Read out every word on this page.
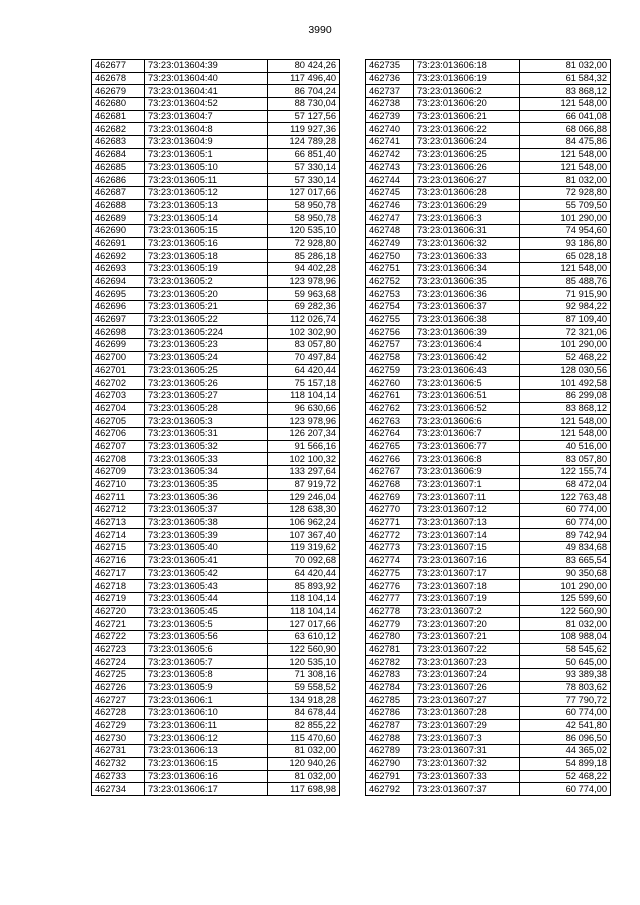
3990
462677	73:23:013604:39	80 424,26
462678	73:23:013604:40	117 496,40
462679	73:23:013604:41	86 704,24
462680	73:23:013604:52	88 730,04
462681	73:23:013604:7	57 127,56
462682	73:23:013604:8	119 927,36
462683	73:23:013604:9	124 789,28
462684	73:23:013605:1	66 851,40
462685	73:23:013605:10	57 330,14
462686	73:23:013605:11	57 330,14
462687	73:23:013605:12	127 017,66
462688	73:23:013605:13	58 950,78
462689	73:23:013605:14	58 950,78
462690	73:23:013605:15	120 535,10
462691	73:23:013605:16	72 928,80
462692	73:23:013605:18	85 286,18
462693	73:23:013605:19	94 402,28
462694	73:23:013605:2	123 978,96
462695	73:23:013605:20	59 963,68
462696	73:23:013605:21	69 282,36
462697	73:23:013605:22	112 026,74
462698	73:23:013605:224	102 302,90
462699	73:23:013605:23	83 057,80
462700	73:23:013605:24	70 497,84
462701	73:23:013605:25	64 420,44
462702	73:23:013605:26	75 157,18
462703	73:23:013605:27	118 104,14
462704	73:23:013605:28	96 630,66
462705	73:23:013605:3	123 978,96
462706	73:23:013605:31	126 207,34
462707	73:23:013605:32	91 566,16
462708	73:23:013605:33	102 100,32
462709	73:23:013605:34	133 297,64
462710	73:23:013605:35	87 919,72
462711	73:23:013605:36	129 246,04
462712	73:23:013605:37	128 638,30
462713	73:23:013605:38	106 962,24
462714	73:23:013605:39	107 367,40
462715	73:23:013605:40	119 319,62
462716	73:23:013605:41	70 092,68
462717	73:23:013605:42	64 420,44
462718	73:23:013605:43	85 893,92
462719	73:23:013605:44	118 104,14
462720	73:23:013605:45	118 104,14
462721	73:23:013605:5	127 017,66
462722	73:23:013605:56	63 610,12
462723	73:23:013605:6	122 560,90
462724	73:23:013605:7	120 535,10
462725	73:23:013605:8	71 308,16
462726	73:23:013605:9	59 558,52
462727	73:23:013606:1	134 918,28
462728	73:23:013606:10	84 678,44
462729	73:23:013606:11	82 855,22
462730	73:23:013606:12	115 470,60
462731	73:23:013606:13	81 032,00
462732	73:23:013606:15	120 940,26
462733	73:23:013606:16	81 032,00
462734	73:23:013606:17	117 698,98
462735	73:23:013606:18	81 032,00
462736	73:23:013606:19	61 584,32
462737	73:23:013606:2	83 868,12
462738	73:23:013606:20	121 548,00
462739	73:23:013606:21	66 041,08
462740	73:23:013606:22	68 066,88
462741	73:23:013606:24	84 475,86
462742	73:23:013606:25	121 548,00
462743	73:23:013606:26	121 548,00
462744	73:23:013606:27	81 032,00
462745	73:23:013606:28	72 928,80
462746	73:23:013606:29	55 709,50
462747	73:23:013606:3	101 290,00
462748	73:23:013606:31	74 954,60
462749	73:23:013606:32	93 186,80
462750	73:23:013606:33	65 028,18
462751	73:23:013606:34	121 548,00
462752	73:23:013606:35	85 488,76
462753	73:23:013606:36	71 915,90
462754	73:23:013606:37	92 984,22
462755	73:23:013606:38	87 109,40
462756	73:23:013606:39	72 321,06
462757	73:23:013606:4	101 290,00
462758	73:23:013606:42	52 468,22
462759	73:23:013606:43	128 030,56
462760	73:23:013606:5	101 492,58
462761	73:23:013606:51	86 299,08
462762	73:23:013606:52	83 868,12
462763	73:23:013606:6	121 548,00
462764	73:23:013606:7	121 548,00
462765	73:23:013606:77	40 516,00
462766	73:23:013606:8	83 057,80
462767	73:23:013606:9	122 155,74
462768	73:23:013607:1	68 472,04
462769	73:23:013607:11	122 763,48
462770	73:23:013607:12	60 774,00
462771	73:23:013607:13	60 774,00
462772	73:23:013607:14	89 742,94
462773	73:23:013607:15	49 834,68
462774	73:23:013607:16	83 665,54
462775	73:23:013607:17	90 350,68
462776	73:23:013607:18	101 290,00
462777	73:23:013607:19	125 599,60
462778	73:23:013607:2	122 560,90
462779	73:23:013607:20	81 032,00
462780	73:23:013607:21	108 988,04
462781	73:23:013607:22	58 545,62
462782	73:23:013607:23	50 645,00
462783	73:23:013607:24	93 389,38
462784	73:23:013607:26	78 803,62
462785	73:23:013607:27	77 790,72
462786	73:23:013607:28	60 774,00
462787	73:23:013607:29	42 541,80
462788	73:23:013607:3	86 096,50
462789	73:23:013607:31	44 365,02
462790	73:23:013607:32	54 899,18
462791	73:23:013607:33	52 468,22
462792	73:23:013607:37	60 774,00
